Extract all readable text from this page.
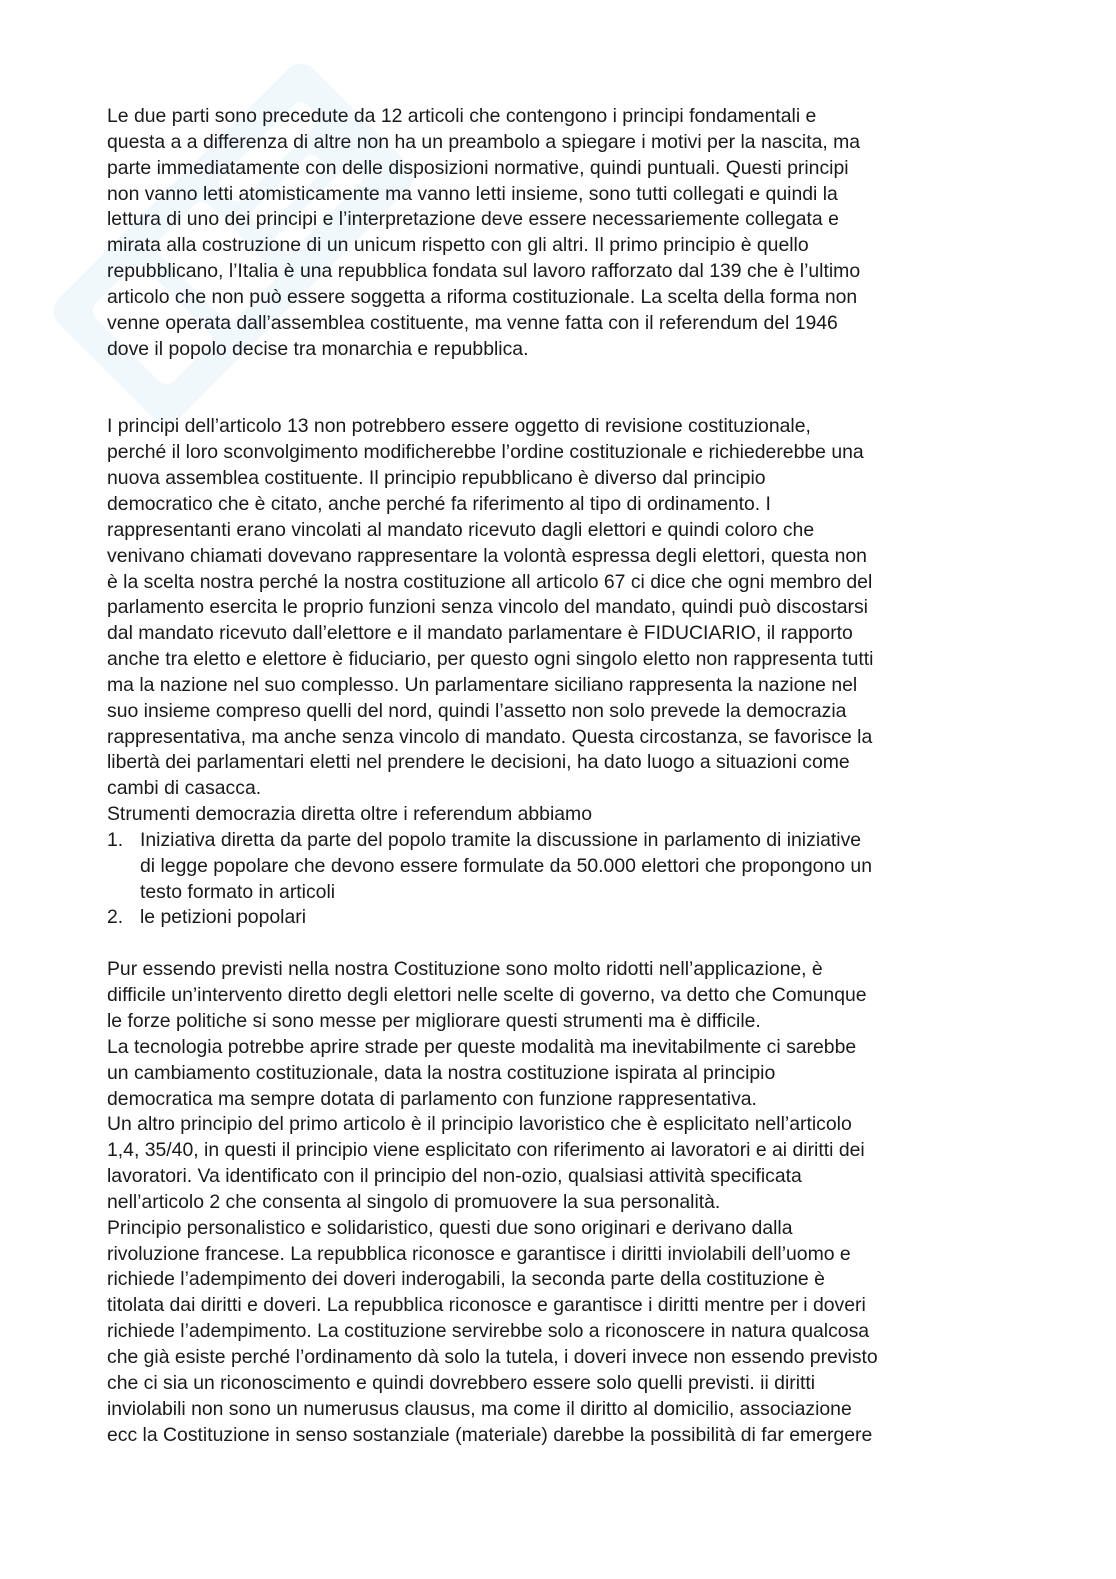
Le due parti sono precedute da 12 articoli che contengono i principi fondamentali e

questa a a differenza di altre non ha un preambolo a spiegare i motivi per la nascita, ma

parte immediatamente con delle disposizioni normative, quindi puntuali. Questi principi

non vanno letti atomisticamente ma vanno letti insieme, sono tutti collegati e quindi la

lettura di uno dei principi e l’interpretazione deve essere necessariemente collegata e

mirata alla costruzione di un unicum rispetto con gli altri. Il primo principio è quello

repubblicano, l’Italia è una repubblica fondata sul lavoro rafforzato dal 139 che è l’ultimo

articolo che non può essere soggetta a riforma costituzionale. La scelta della forma non

venne operata dall’assemblea costituente, ma venne fatta con il referendum del 1946

dove il popolo decise tra monarchia e repubblica.

I principi dell’articolo 13 non potrebbero essere oggetto di revisione costituzionale,

perché il loro sconvolgimento modificherebbe l’ordine costituzionale e richiederebbe una

nuova assemblea costituente. Il principio repubblicano è diverso dal principio

democratico che è citato, anche perché fa riferimento al tipo di ordinamento. I

rappresentanti erano vincolati al mandato ricevuto dagli elettori e quindi coloro che

venivano chiamati dovevano rappresentare la volontà espressa degli elettori, questa non

è la scelta nostra perché la nostra costituzione all articolo 67 ci dice che ogni membro del

parlamento esercita le proprio funzioni senza vincolo del mandato, quindi può discostarsi

dal mandato ricevuto dall’elettore e il mandato parlamentare è FIDUCIARIO, il rapporto

anche tra eletto e elettore è fiduciario, per questo ogni singolo eletto non rappresenta tutti

ma la nazione nel suo complesso. Un parlamentare siciliano rappresenta la nazione nel

suo insieme compreso quelli del nord, quindi l’assetto non solo prevede la democrazia

rappresentativa, ma anche senza vincolo di mandato. Questa circostanza, se favorisce la

libertà dei parlamentari eletti nel prendere le decisioni, ha dato luogo a situazioni come

cambi di casacca.

Strumenti democrazia diretta oltre i referendum abbiamo

1. Iniziativa diretta da parte del popolo tramite la discussione in parlamento di iniziative

di legge popolare che devono essere formulate da 50.000 elettori che propongono un

testo formato in articoli

2. le petizioni popolari

Pur essendo previsti nella nostra Costituzione sono molto ridotti nell’applicazione, è

difficile un’intervento diretto degli elettori nelle scelte di governo, va detto che Comunque

le forze politiche si sono messe per migliorare questi strumenti ma è difficile.

La tecnologia potrebbe aprire strade per queste modalità ma inevitabilmente ci sarebbe

un cambiamento costituzionale, data la nostra costituzione ispirata al principio

democratica ma sempre dotata di parlamento con funzione rappresentativa.

Un altro principio del primo articolo è il principio lavoristico che è esplicitato nell’articolo

1,4, 35/40, in questi il principio viene esplicitato con riferimento ai lavoratori e ai diritti dei

lavoratori. Va identificato con il principio del non-ozio, qualsiasi attività specificata

nell’articolo 2 che consenta al singolo di promuovere la sua personalità.

Principio personalistico e solidaristico, questi due sono originari e derivano dalla

rivoluzione francese. La repubblica riconosce e garantisce i diritti inviolabili dell’uomo e

richiede l’adempimento dei doveri inderogabili, la seconda parte della costituzione è

titolata dai diritti e doveri. La repubblica riconosce e garantisce i diritti mentre per i doveri

richiede l’adempimento. La costituzione servirebbe solo a riconoscere in natura qualcosa

che già esiste perché l’ordinamento dà solo la tutela, i doveri invece non essendo previsto

che ci sia un riconoscimento e quindi dovrebbero essere solo quelli previsti. ii diritti

inviolabili non sono un numerusus clausus, ma come il diritto al domicilio, associazione

ecc la Costituzione in senso sostanziale (materiale) darebbe la possibilità di far emergere
